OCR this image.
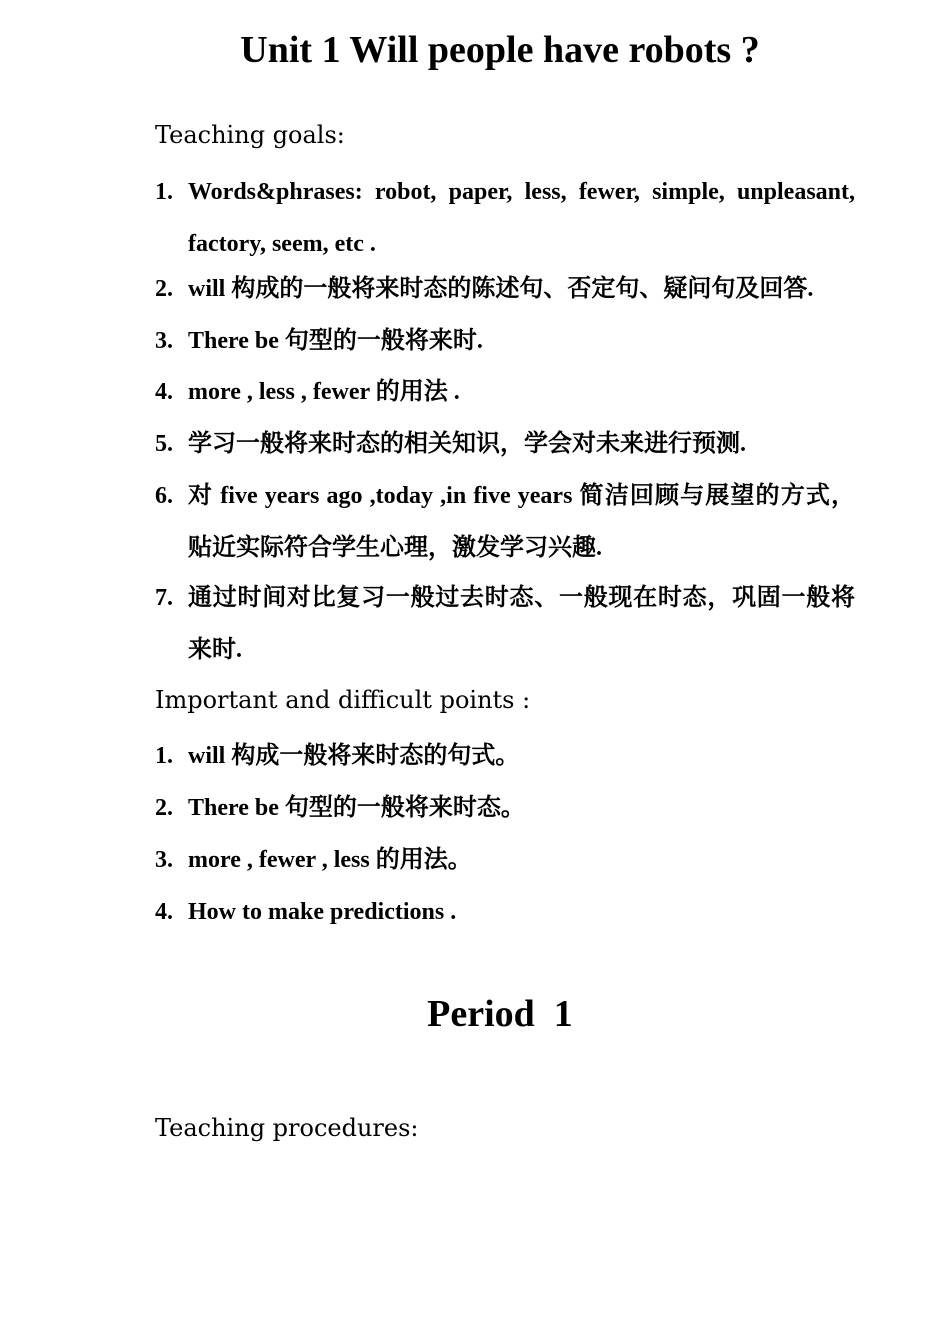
Unit 1 Will people have robots ?
Teaching goals:
1. Words&phrases: robot, paper, less, fewer, simple, unpleasant, factory, seem, etc .
2. will 构成的一般将来时态的陈述句、否定句、疑问句及回答.
3. There be 句型的一般将来时.
4. more , less , fewer 的用法 .
5. 学习一般将来时态的相关知识，学会对未来进行预测.
6. 对 five years ago ,today ,in five years 简洁回顾与展望的方式，贴近实际符合学生心理，激发学习兴趣.
7. 通过时间对比复习一般过去时态、一般现在时态，巩固一般将来时.
Important and difficult points :
1. will 构成一般将来时态的句式。
2. There be 句型的一般将来时态。
3. more , fewer , less 的用法。
4. How to make predictions .
Period  1
Teaching procedures:
